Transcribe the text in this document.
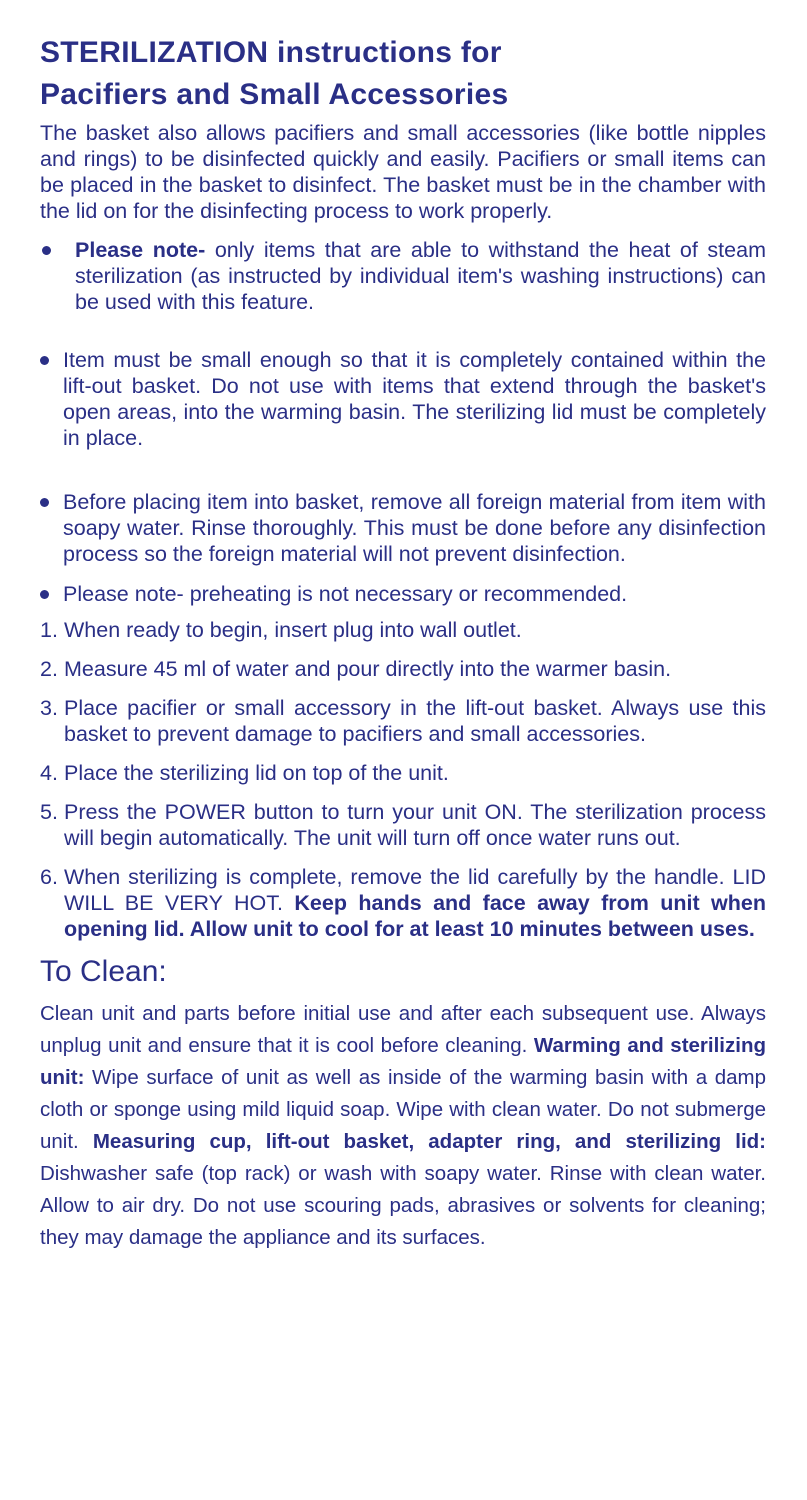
STERILIZATION instructions for
Pacifiers and Small Accessories

The basket also allows pacifiers and small accessories (like bottle nipples and rings) to be disinfected quickly and easily. Pacifiers or small items can be placed in the basket to disinfect. The basket must be in the chamber with the lid on for the disinfecting process to work properly.

Please note- only items that are able to withstand the heat of steam sterilization (as instructed by individual item's washing instructions) can be used with this feature.
Item must be small enough so that it is completely contained within the lift-out basket. Do not use with items that extend through the basket's open areas, into the warming basin. The sterilizing lid must be completely in place.
Before placing item into basket, remove all foreign material from item with soapy water. Rinse thoroughly. This must be done before any disinfection process so the foreign material will not prevent disinfection.
Please note- preheating is not necessary or recommended.
1. When ready to begin, insert plug into wall outlet.
2. Measure 45 ml of water and pour directly into the warmer basin.
3. Place pacifier or small accessory in the lift-out basket. Always use this basket to prevent damage to pacifiers and small accessories.
4. Place the sterilizing lid on top of the unit.
5. Press the POWER button to turn your unit ON. The sterilization process will begin automatically. The unit will turn off once water runs out.
6. When sterilizing is complete, remove the lid carefully by the handle. LID WILL BE VERY HOT. Keep hands and face away from unit when opening lid. Allow unit to cool for at least 10 minutes between uses.
To Clean:

Clean unit and parts before initial use and after each subsequent use. Always unplug unit and ensure that it is cool before cleaning. Warming and sterilizing unit: Wipe surface of unit as well as inside of the warming basin with a damp cloth or sponge using mild liquid soap. Wipe with clean water. Do not submerge unit. Measuring cup, lift-out basket, adapter ring, and sterilizing lid: Dishwasher safe (top rack) or wash with soapy water. Rinse with clean water. Allow to air dry. Do not use scouring pads, abrasives or solvents for cleaning; they may damage the appliance and its surfaces.
